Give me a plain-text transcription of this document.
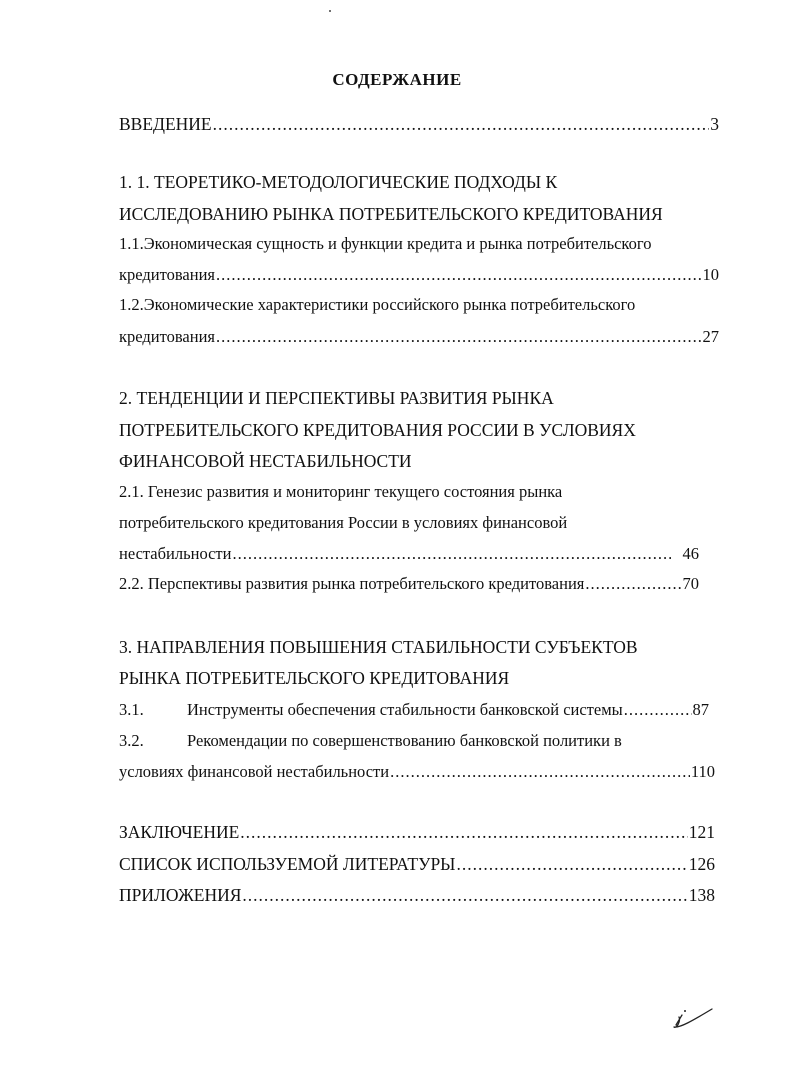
СОДЕРЖАНИЕ
ВВЕДЕНИЕ .....	3
1. 1. ТЕОРЕТИКО-МЕТОДОЛОГИЧЕСКИЕ ПОДХОДЫ К
ИССЛЕДОВАНИЮ РЫНКА ПОТРЕБИТЕЛЬСКОГО КРЕДИТОВАНИЯ
1.1.Экономическая сущность и функции кредита и рынка потребительского
кредитования .....	10
1.2.Экономические характеристики российского рынка потребительского
кредитования .....	27
2. ТЕНДЕНЦИИ И ПЕРСПЕКТИВЫ РАЗВИТИЯ РЫНКА
ПОТРЕБИТЕЛЬСКОГО КРЕДИТОВАНИЯ РОССИИ В УСЛОВИЯХ
ФИНАНСОВОЙ НЕСТАБИЛЬНОСТИ
2.1. Генезис развития и мониторинг текущего состояния рынка
потребительского кредитования России в условиях финансовой
нестабильности .....	46
2.2. Перспективы развития рынка потребительского кредитования .....	70
3. НАПРАВЛЕНИЯ ПОВЫШЕНИЯ СТАБИЛЬНОСТИ СУБЪЕКТОВ
РЫНКА ПОТРЕБИТЕЛЬСКОГО КРЕДИТОВАНИЯ
3.1.	Инструменты обеспечения стабильности банковской системы .....	87
3.2.	Рекомендации по совершенствованию банковской политики в
условиях финансовой нестабильности .....	110
ЗАКЛЮЧЕНИЕ .....	121
СПИСОК ИСПОЛЬЗУЕМОЙ ЛИТЕРАТУРЫ .....	126
ПРИЛОЖЕНИЯ .....	138
